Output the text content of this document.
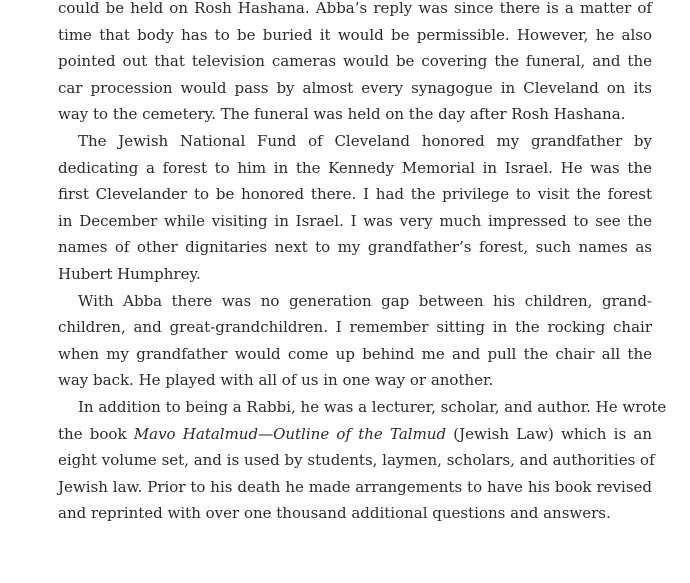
could be held on Rosh Hashana. Abba’s reply was since there is a matter of
time that body has to be buried it would be permissible. However, he also
pointed out that television cameras would be covering the funeral, and the
car procession would pass by almost every synagogue in Cleveland on its
way to the cemetery. The funeral was held on the day after Rosh Hashana.
The Jewish National Fund of Cleveland honored my grandfather by
dedicating a forest to him in the Kennedy Memorial in Israel. He was the
first Clevelander to be honored there. I had the privilege to visit the forest
in December while visiting in Israel. I was very much impressed to see the
names of other dignitaries next to my grandfather’s forest, such names as
Hubert Humphrey.
With Abba there was no generation gap between his children, grand-
children, and great-grandchildren. I remember sitting in the rocking chair
when my grandfather would come up behind me and pull the chair all the
way back. He played with all of us in one way or another.
In addition to being a Rabbi, he was a lecturer, scholar, and author. He wrote
the book Mavo Hatalmud—Outline of the Talmud (Jewish Law) which is an
eight volume set, and is used by students, laymen, scholars, and authorities of
Jewish law. Prior to his death he made arrangements to have his book revised
and reprinted with over one thousand additional questions and answers.
